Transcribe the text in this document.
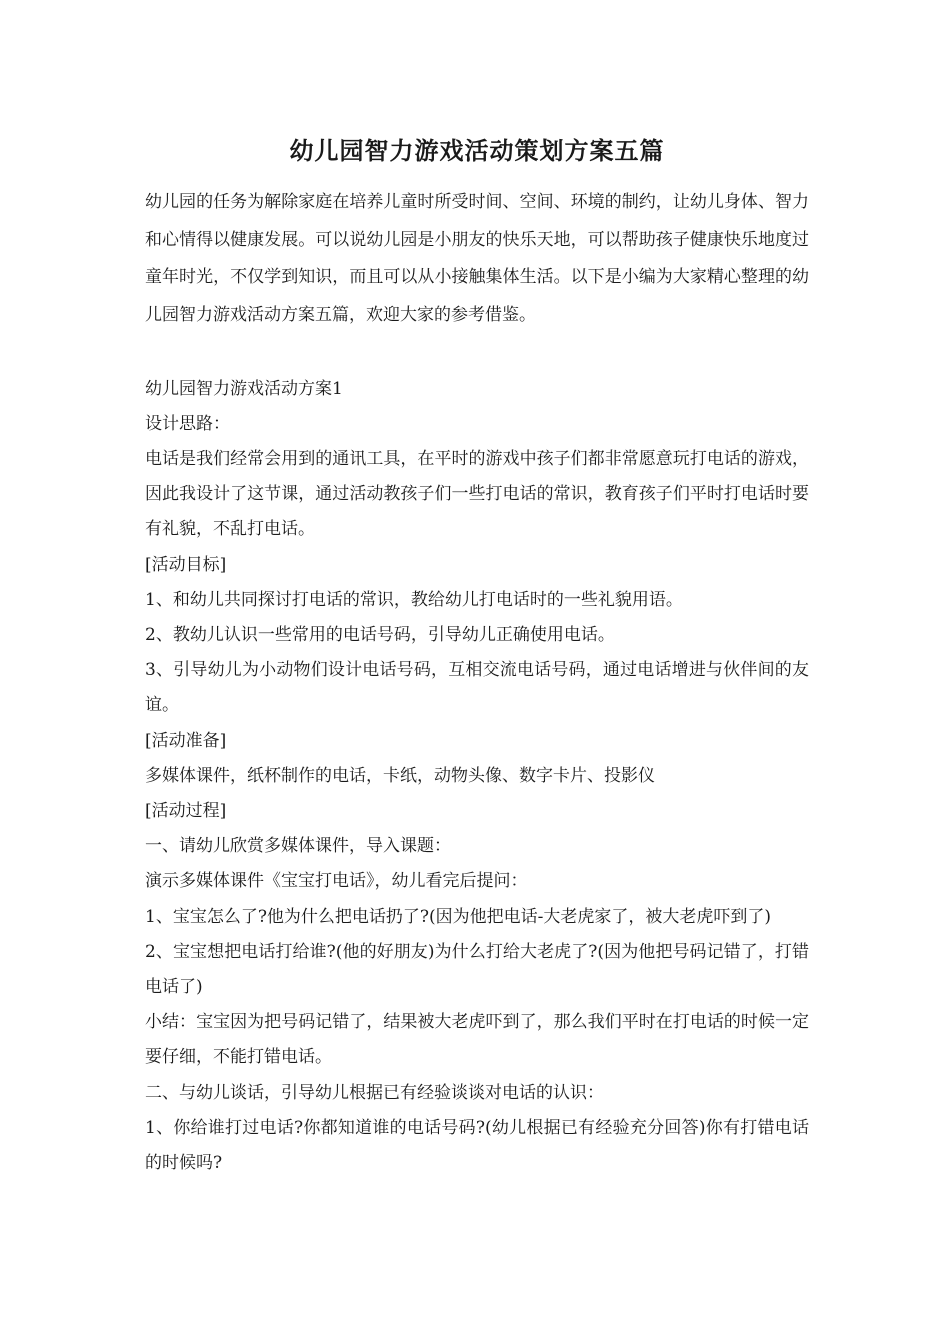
幼儿园智力游戏活动策划方案五篇

幼儿园的任务为解除家庭在培养儿童时所受时间、空间、环境的制约，让幼儿身体、智力和心情得以健康发展。可以说幼儿园是小朋友的快乐天地，可以帮助孩子健康快乐地度过童年时光，不仅学到知识，而且可以从小接触集体生活。以下是小编为大家精心整理的幼儿园智力游戏活动方案五篇，欢迎大家的参考借鉴。

幼儿园智力游戏活动方案1

设计思路：

电话是我们经常会用到的通讯工具，在平时的游戏中孩子们都非常愿意玩打电话的游戏，因此我设计了这节课，通过活动教孩子们一些打电话的常识，教育孩子们平时打电话时要有礼貌，不乱打电话。

[活动目标]

1、和幼儿共同探讨打电话的常识，教给幼儿打电话时的一些礼貌用语。

2、教幼儿认识一些常用的电话号码，引导幼儿正确使用电话。

3、引导幼儿为小动物们设计电话号码，互相交流电话号码，通过电话增进与伙伴间的友谊。

[活动准备]

多媒体课件，纸杯制作的电话，卡纸，动物头像、数字卡片、投影仪

[活动过程]

一、请幼儿欣赏多媒体课件，导入课题：

演示多媒体课件《宝宝打电话》，幼儿看完后提问：

1、宝宝怎么了?他为什么把电话扔了?(因为他把电话-大老虎家了，被大老虎吓到了)

2、宝宝想把电话打给谁?(他的好朋友)为什么打给大老虎了?(因为他把号码记错了，打错电话了)

小结：宝宝因为把号码记错了，结果被大老虎吓到了，那么我们平时在打电话的时候一定要仔细，不能打错电话。

二、与幼儿谈话，引导幼儿根据已有经验谈谈对电话的认识：

1、你给谁打过电话?你都知道谁的电话号码?(幼儿根据已有经验充分回答)你有打错电话的时候吗?
